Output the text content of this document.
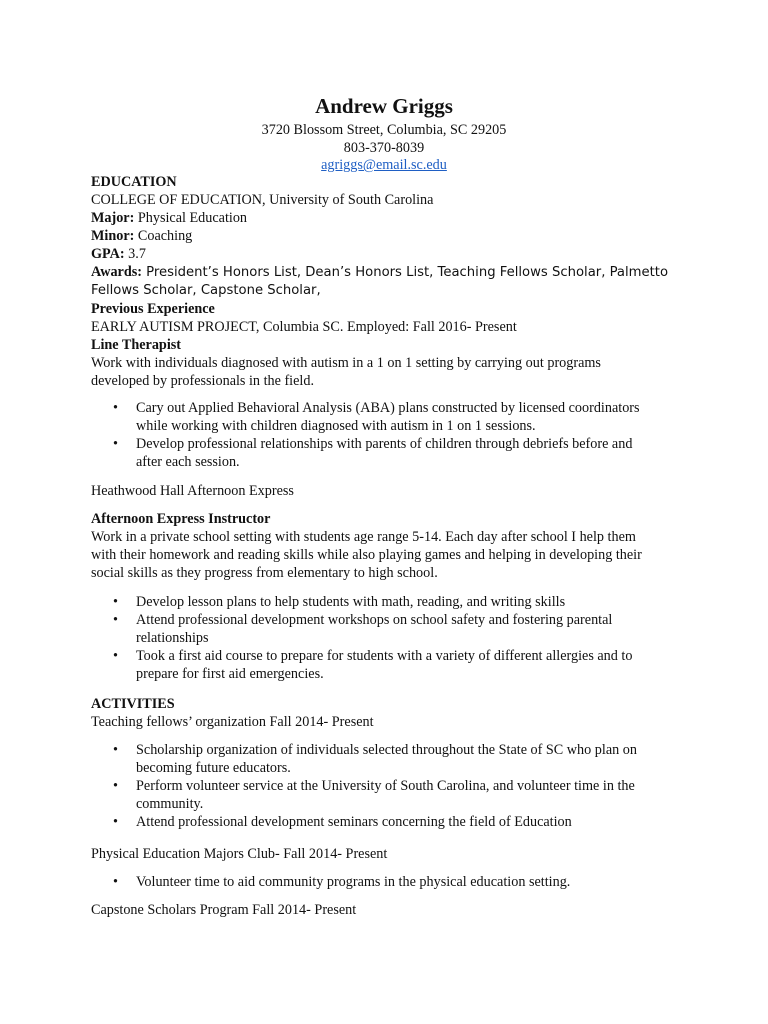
Andrew Griggs
3720 Blossom Street, Columbia, SC 29205
803-370-8039
agriggs@email.sc.edu
EDUCATION
COLLEGE OF EDUCATION, University of South Carolina
Major: Physical Education
Minor: Coaching
GPA: 3.7
Awards: President’s Honors List, Dean’s Honors List, Teaching Fellows Scholar, Palmetto
Fellows Scholar, Capstone Scholar,
Previous Experience
EARLY AUTISM PROJECT, Columbia SC. Employed: Fall 2016- Present
Line Therapist
Work with individuals diagnosed with autism in a 1 on 1 setting by carrying out programs
developed by professionals in the field.
• Cary out Applied Behavioral Analysis (ABA) plans constructed by licensed coordinators
while working with children diagnosed with autism in 1 on 1 sessions.
• Develop professional relationships with parents of children through debriefs before and
after each session.
Heathwood Hall Afternoon Express
Afternoon Express Instructor
Work in a private school setting with students age range 5-14. Each day after school I help them
with their homework and reading skills while also playing games and helping in developing their
social skills as they progress from elementary to high school.
• Develop lesson plans to help students with math, reading, and writing skills
• Attend professional development workshops on school safety and fostering parental
relationships
• Took a first aid course to prepare for students with a variety of different allergies and to
prepare for first aid emergencies.
ACTIVITIES
Teaching fellows’ organization Fall 2014- Present
• Scholarship organization of individuals selected throughout the State of SC who plan on
becoming future educators.
• Perform volunteer service at the University of South Carolina, and volunteer time in the
community.
• Attend professional development seminars concerning the field of Education
Physical Education Majors Club- Fall 2014- Present
• Volunteer time to aid community programs in the physical education setting.
Capstone Scholars Program Fall 2014- Present
